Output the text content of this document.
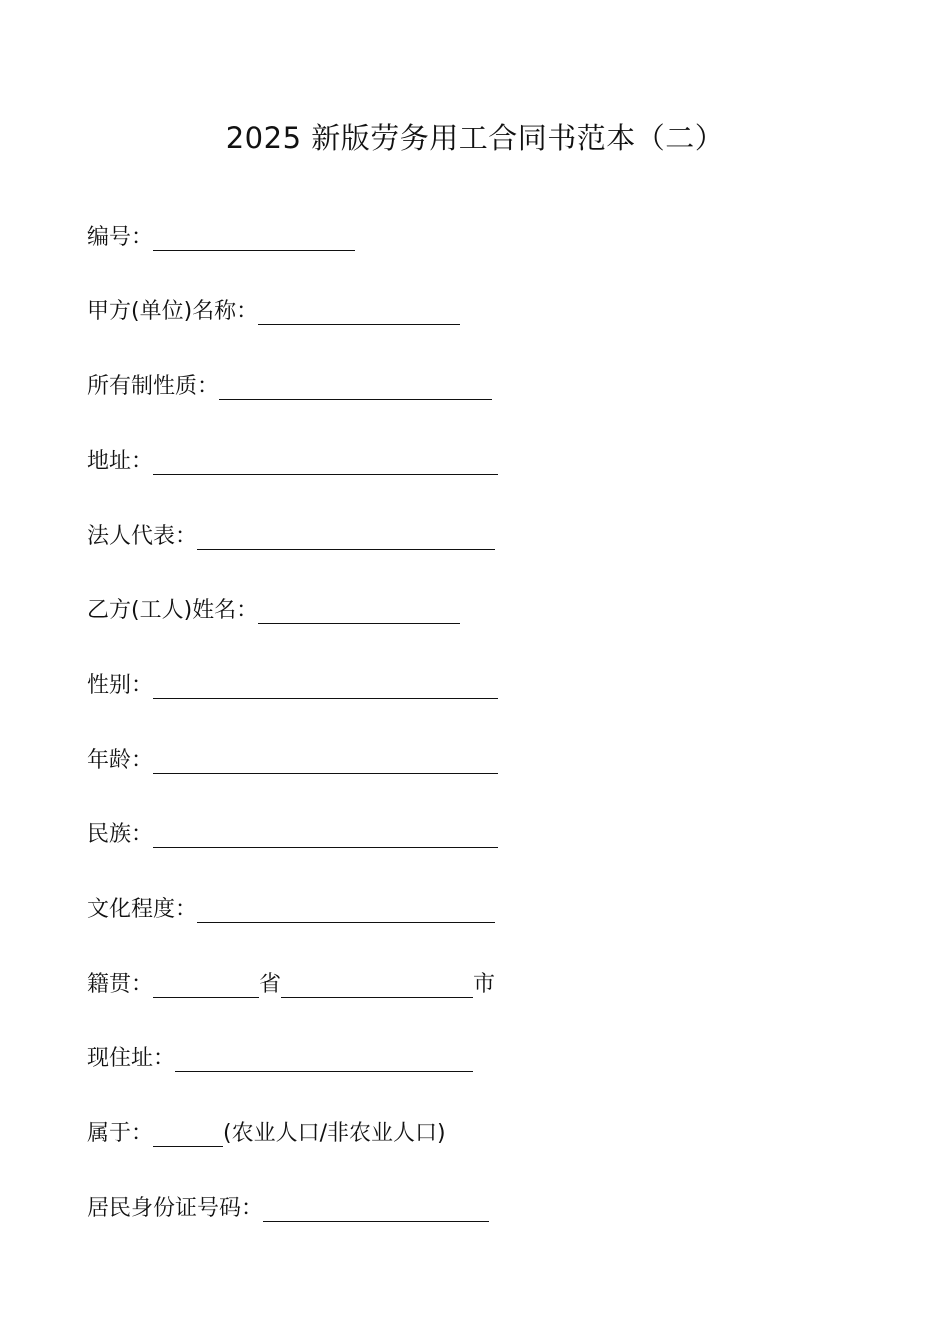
2025 新版劳务用工合同书范本（二）
编号：
甲方(单位)名称：
所有制性质：
地址：
法人代表：
乙方(工人)姓名：
性别：
年龄：
民族：
文化程度：
籍贯：	省	市
现住址：
属于：	(农业人口/非农业人口)
居民身份证号码：
